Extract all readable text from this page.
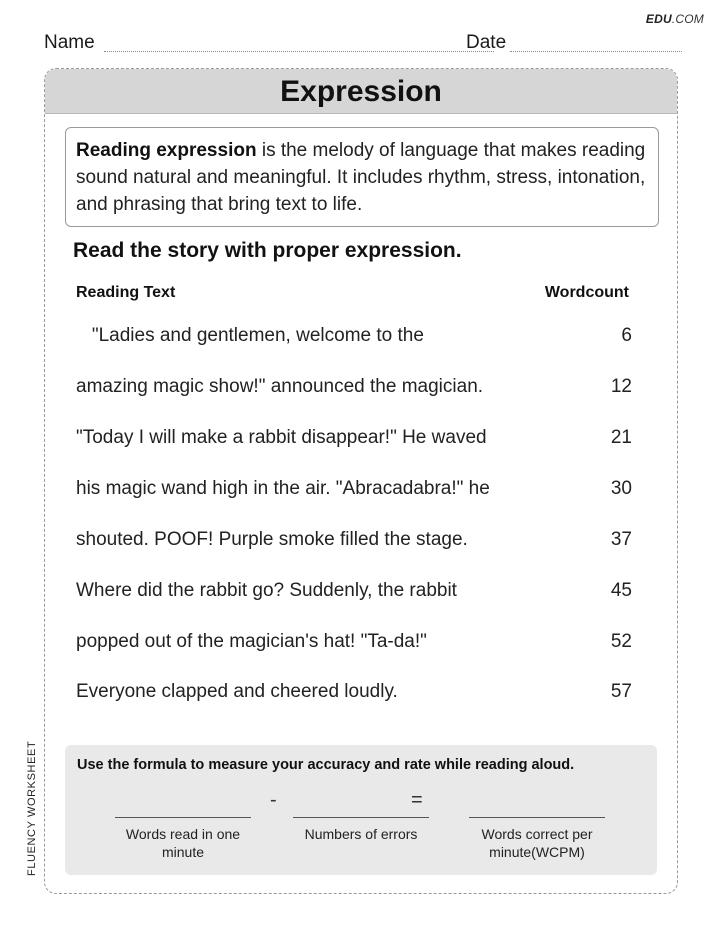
EDU.COM
Name	Date
Expression
Reading expression is the melody of language that makes reading sound natural and meaningful. It includes rhythm, stress, intonation, and phrasing that bring text to life.
Read the story with proper expression.
Reading Text	Wordcount
"Ladies and gentlemen, welcome to the	6
amazing magic show!" announced the magician.	12
"Today I will make a rabbit disappear!" He waved	21
his magic wand high in the air. "Abracadabra!" he	30
shouted. POOF! Purple smoke filled the stage.	37
Where did the rabbit go? Suddenly, the rabbit	45
popped out of the magician's hat! "Ta-da!"	52
Everyone clapped and cheered loudly.	57
Use the formula to measure your accuracy and rate while reading aloud.
-	=
Words read in one minute
Numbers of errors	Words correct per minute(WCPM)
FLUENCY WORKSHEET
